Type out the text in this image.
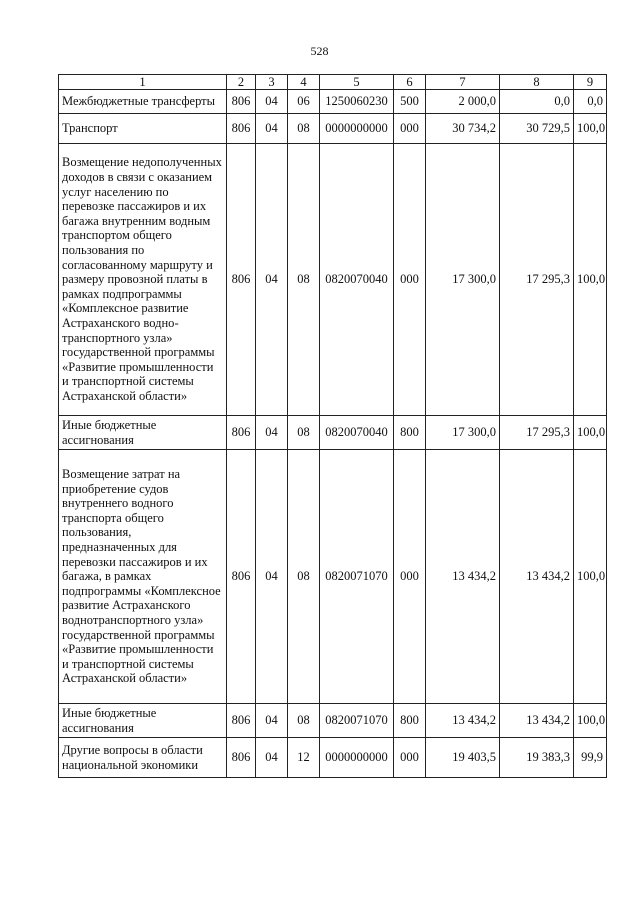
528
1	2	3	4	5	6	7	8	9
Межбюджетные трансферты	806	04	06	1250060230	500	2 000,0	0,0	0,0
Транспорт	806	04	08	0000000000	000	30 734,2	30 729,5	100,0
Возмещение недополученных доходов в связи с оказанием услуг населению по перевозке пассажиров и их багажа внутренним водным транспортом общего пользования по согласованному маршруту и размеру провозной платы в рамках подпрограммы «Комплексное развитие Астраханского воднотранспортного узла» государственной программы «Развитие промышленности и транспортной системы Астраханской области»	806	04	08	0820070040	000	17 300,0	17 295,3	100,0
Иные бюджетные ассигнования	806	04	08	0820070040	800	17 300,0	17 295,3	100,0
Возмещение затрат на приобретение судов внутреннего водного транспорта общего пользования, предназначенных для перевозки пассажиров и их багажа, в рамках подпрограммы «Комплексное развитие Астраханского воднотранспортного узла» государственной программы «Развитие промышленности и транспортной системы Астраханской области»	806	04	08	0820071070	000	13 434,2	13 434,2	100,0
Иные бюджетные ассигнования	806	04	08	0820071070	800	13 434,2	13 434,2	100,0
Другие вопросы в области национальной экономики	806	04	12	0000000000	000	19 403,5	19 383,3	99,9
